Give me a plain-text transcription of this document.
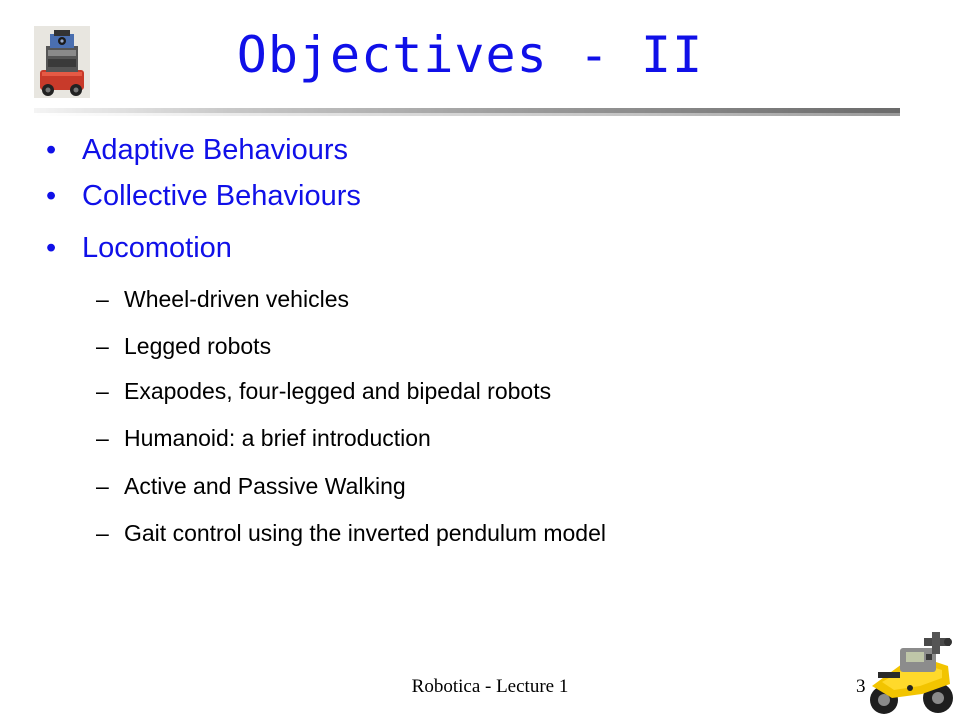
Objectives - II
• Adaptive Behaviours
• Collective Behaviours
• Locomotion
– Wheel-driven vehicles
– Legged robots
– Exapodes, four-legged and bipedal robots
– Humanoid: a brief introduction
– Active and Passive Walking
– Gait control using the inverted pendulum model
Robotica - Lecture 1	3
